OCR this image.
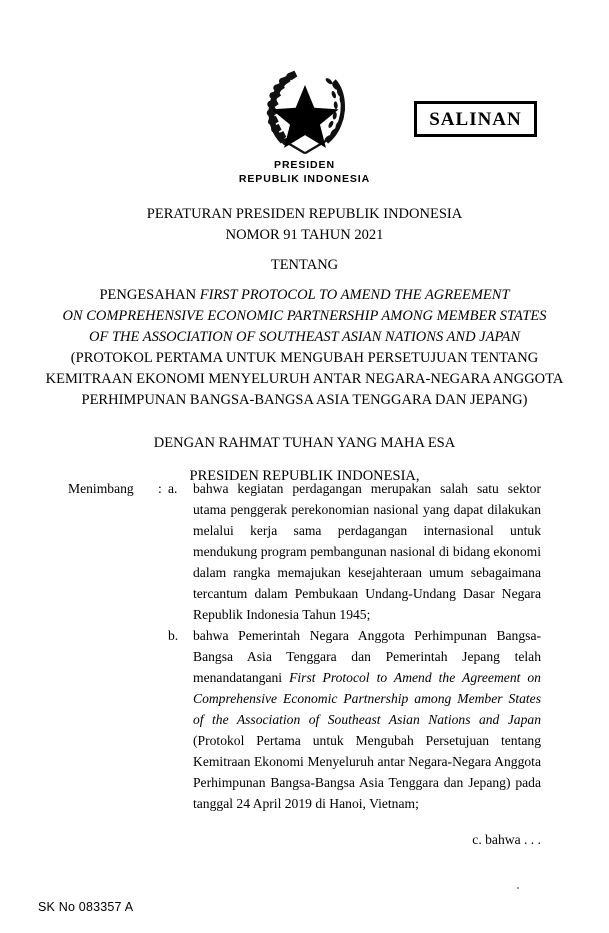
SALINAN
PRESIDEN
REPUBLIK INDONESIA
PERATURAN PRESIDEN REPUBLIK INDONESIA
NOMOR 91 TAHUN 2021
TENTANG
PENGESAHAN FIRST PROTOCOL TO AMEND THE AGREEMENT
ON COMPREHENSIVE ECONOMIC PARTNERSHIP AMONG MEMBER STATES
OF THE ASSOCIATION OF SOUTHEAST ASIAN NATIONS AND JAPAN
(PROTOKOL PERTAMA UNTUK MENGUBAH PERSETUJUAN TENTANG
KEMITRAAN EKONOMI MENYELURUH ANTAR NEGARA-NEGARA ANGGOTA
PERHIMPUNAN BANGSA-BANGSA ASIA TENGGARA DAN JEPANG)
DENGAN RAHMAT TUHAN YANG MAHA ESA
PRESIDEN REPUBLIK INDONESIA,
Menimbang	: a.	bahwa kegiatan perdagangan merupakan salah satu sektor utama penggerak perekonomian nasional yang dapat dilakukan melalui kerja sama perdagangan internasional untuk mendukung program pembangunan nasional di bidang ekonomi dalam rangka memajukan kesejahteraan umum sebagaimana tercantum dalam Pembukaan Undang-Undang Dasar Negara Republik Indonesia Tahun 1945;
b.	bahwa Pemerintah Negara Anggota Perhimpunan Bangsa-Bangsa Asia Tenggara dan Pemerintah Jepang telah menandatangani First Protocol to Amend the Agreement on Comprehensive Economic Partnership among Member States of the Association of Southeast Asian Nations and Japan (Protokol Pertama untuk Mengubah Persetujuan tentang Kemitraan Ekonomi Menyeluruh antar Negara-Negara Anggota Perhimpunan Bangsa-Bangsa Asia Tenggara dan Jepang) pada tanggal 24 April 2019 di Hanoi, Vietnam;
c. bahwa . . .
SK No 083357 A
